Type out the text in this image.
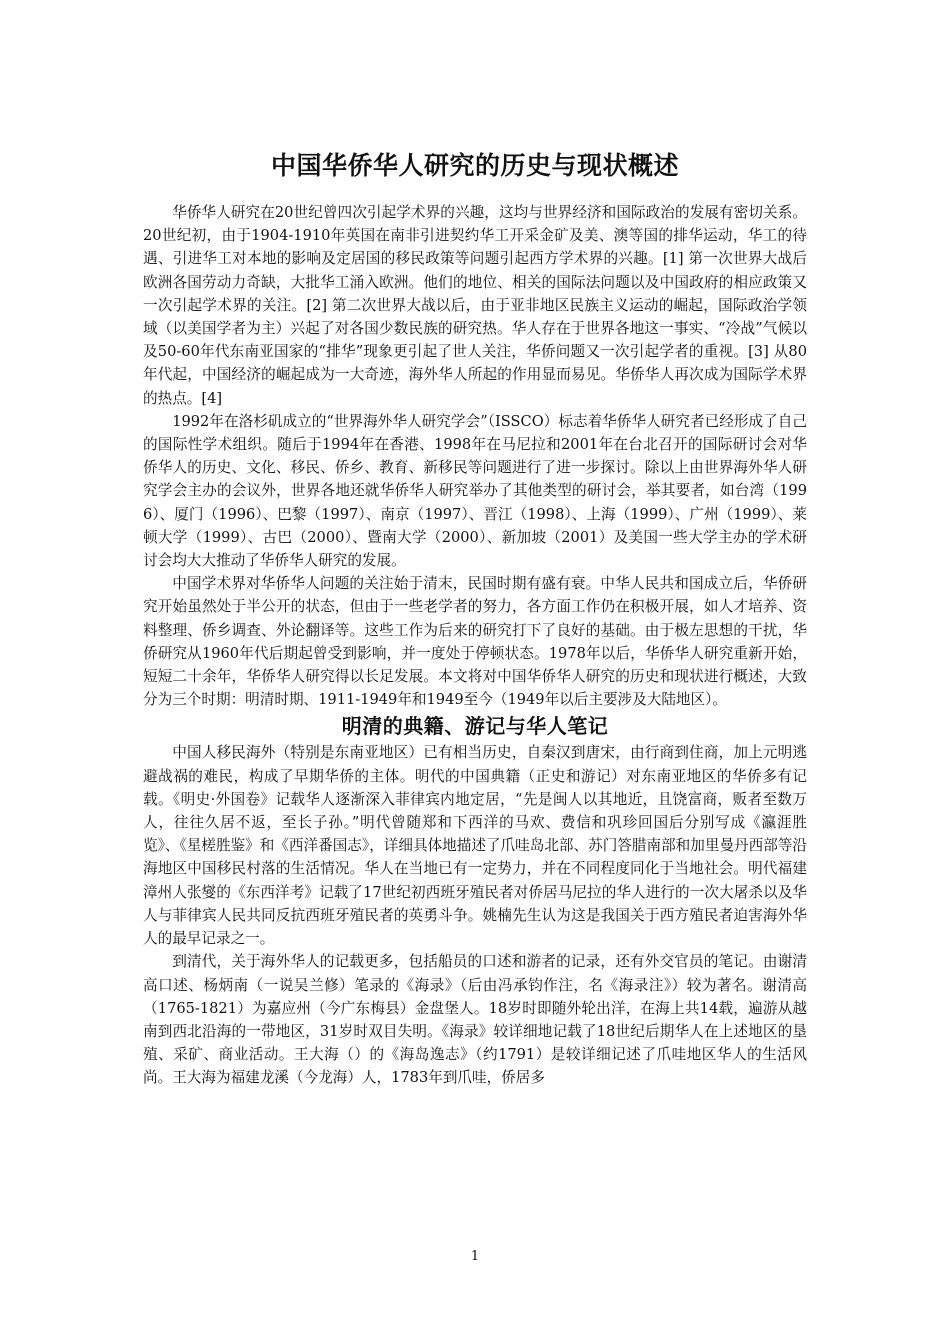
中国华侨华人研究的历史与现状概述

华侨华人研究在20世纪曾四次引起学术界的兴趣，这均与世界经济和国际政治的发展有密切关系。20世纪初，由于1904-1910年英国在南非引进契约华工开采金矿及美、澳等国的排华运动，华工的待遇、引进华工对本地的影响及定居国的移民政策等问题引起西方学术界的兴趣。[1] 第一次世界大战后欧洲各国劳动力奇缺，大批华工涌入欧洲。他们的地位、相关的国际法问题以及中国政府的相应政策又一次引起学术界的关注。[2] 第二次世界大战以后，由于亚非地区民族主义运动的崛起，国际政治学领域（以美国学者为主）兴起了对各国少数民族的研究热。华人存在于世界各地这一事实、“冷战”气候以及50-60年代东南亚国家的“排华”现象更引起了世人关注，华侨问题又一次引起学者的重视。[3] 从80年代起，中国经济的崛起成为一大奇迹，海外华人所起的作用显而易见。华侨华人再次成为国际学术界的热点。[4]

1992年在洛杉矶成立的“世界海外华人研究学会”（ISSCO）标志着华侨华人研究者已经形成了自己的国际性学术组织。随后于1994年在香港、1998年在马尼拉和2001年在台北召开的国际研讨会对华侨华人的历史、文化、移民、侨乡、教育、新移民等问题进行了进一步探讨。除以上由世界海外华人研究学会主办的会议外，世界各地还就华侨华人研究举办了其他类型的研讨会，举其要者，如台湾（1996）、厦门（1996）、巴黎（1997）、南京（1997）、晋江（1998）、上海（1999）、广州（1999）、莱顿大学（1999）、古巴（2000）、暨南大学（2000）、新加坡（2001）及美国一些大学主办的学术研讨会均大大推动了华侨华人研究的发展。

中国学术界对华侨华人问题的关注始于清末，民国时期有盛有衰。中华人民共和国成立后，华侨研究开始虽然处于半公开的状态，但由于一些老学者的努力，各方面工作仍在积极开展，如人才培养、资料整理、侨乡调查、外论翻译等。这些工作为后来的研究打下了良好的基础。由于极左思想的干扰，华侨研究从1960年代后期起曾受到影响，并一度处于停顿状态。1978年以后，华侨华人研究重新开始，短短二十余年，华侨华人研究得以长足发展。本文将对中国华侨华人研究的历史和现状进行概述，大致分为三个时期：明清时期、1911-1949年和1949至今（1949年以后主要涉及大陆地区）。

明清的典籍、游记与华人笔记

中国人移民海外（特别是东南亚地区）已有相当历史，自秦汉到唐宋，由行商到住商，加上元明逃避战祸的难民，构成了早期华侨的主体。明代的中国典籍（正史和游记）对东南亚地区的华侨多有记载。《明史·外国卷》记载华人逐渐深入菲律宾内地定居，“先是闽人以其地近，且饶富商，贩者至数万人，往往久居不返，至长子孙。”明代曾随郑和下西洋的马欢、费信和巩珍回国后分别写成《瀛涯胜览》、《星槎胜鉴》和《西洋番国志》，详细具体地描述了爪哇岛北部、苏门答腊南部和加里曼丹西部等沿海地区中国移民村落的生活情况。华人在当地已有一定势力，并在不同程度同化于当地社会。明代福建漳州人张燮的《东西洋考》记载了17世纪初西班牙殖民者对侨居马尼拉的华人进行的一次大屠杀以及华人与菲律宾人民共同反抗西班牙殖民者的英勇斗争。姚楠先生认为这是我国关于西方殖民者迫害海外华人的最早记录之一。

到清代，关于海外华人的记载更多，包括船员的口述和游者的记录，还有外交官员的笔记。由谢清高口述、杨炳南（一说吴兰修）笔录的《海录》（后由冯承钧作注，名《海录注》）较为著名。谢清高（1765-1821）为嘉应州（今广东梅县）金盘堡人。18岁时即随外轮出洋，在海上共14载，遍游从越南到西北沿海的一带地区，31岁时双目失明。《海录》较详细地记载了18世纪后期华人在上述地区的垦殖、采矿、商业活动。王大海（）的《海岛逸志》（约1791）是较详细记述了爪哇地区华人的生活风尚。王大海为福建龙溪（今龙海）人，1783年到爪哇，侨居多

1
